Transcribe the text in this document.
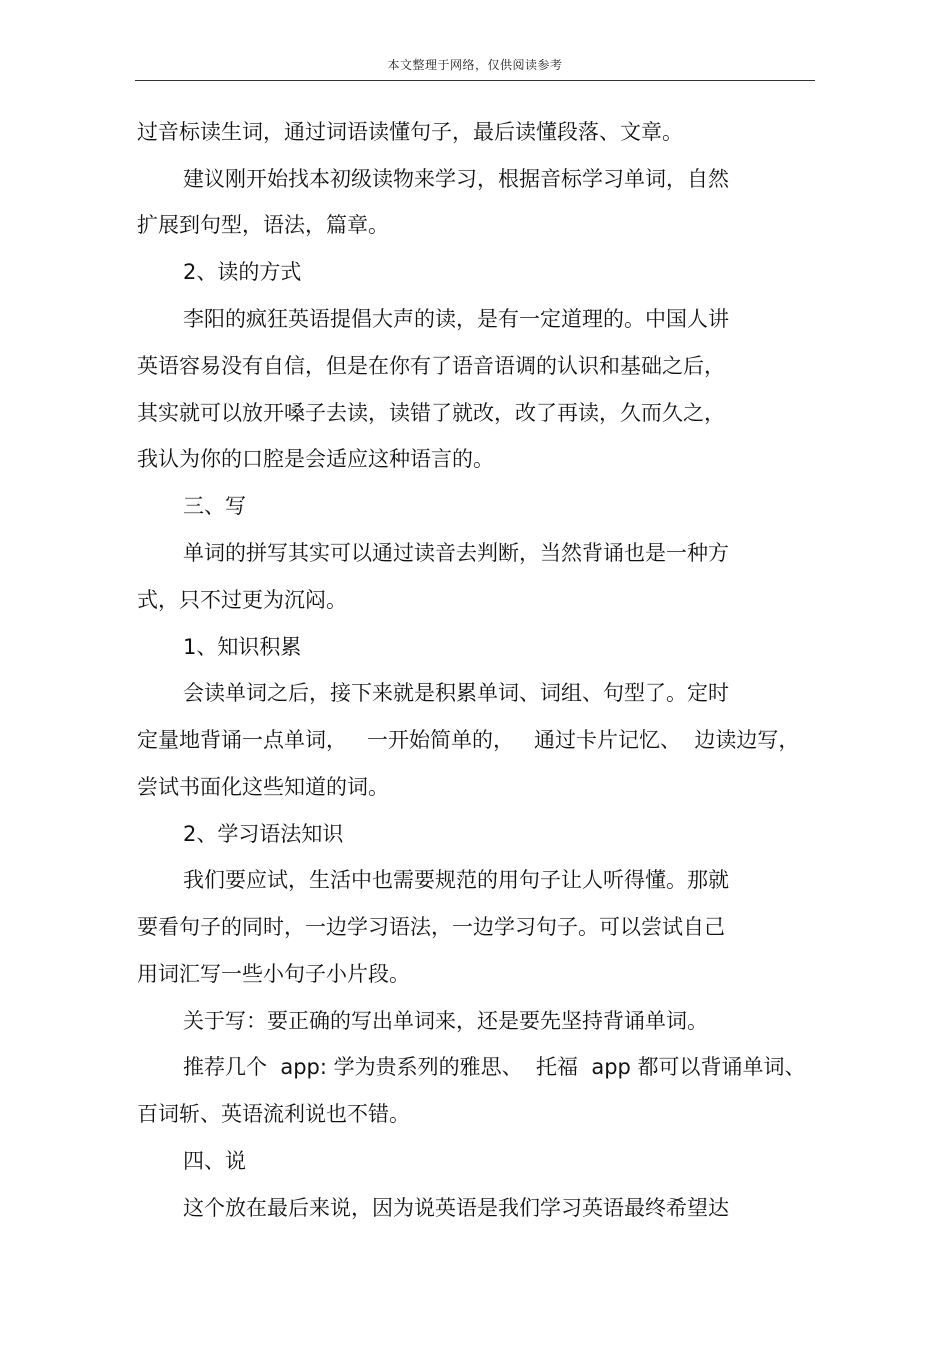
本文整理于网络，仅供阅读参考
过音标读生词，通过词语读懂句子，最后读懂段落、文章。
建议刚开始找本初级读物来学习，根据音标学习单词，自然
扩展到句型，语法，篇章。
2、读的方式
李阳的疯狂英语提倡大声的读，是有一定道理的。中国人讲
英语容易没有自信，但是在你有了语音语调的认识和基础之后，
其实就可以放开嗓子去读，读错了就改，改了再读，久而久之，
我认为你的口腔是会适应这种语言的。
三、写
单词的拼写其实可以通过读音去判断，当然背诵也是一种方
式，只不过更为沉闷。
1、知识积累
会读单词之后，接下来就是积累单词、词组、句型了。定时
定量地背诵一点单词，   一开始简单的，   通过卡片记忆、  边读边写，
尝试书面化这些知道的词。
2、学习语法知识
我们要应试，生活中也需要规范的用句子让人听得懂。那就
要看句子的同时，一边学习语法，一边学习句子。可以尝试自己
用词汇写一些小句子小片段。
关于写：要正确的写出单词来，还是要先坚持背诵单词。
推荐几个  app: 学为贵系列的雅思、  托福  app 都可以背诵单词、
百词斩、英语流利说也不错。
四、说
这个放在最后来说，因为说英语是我们学习英语最终希望达
